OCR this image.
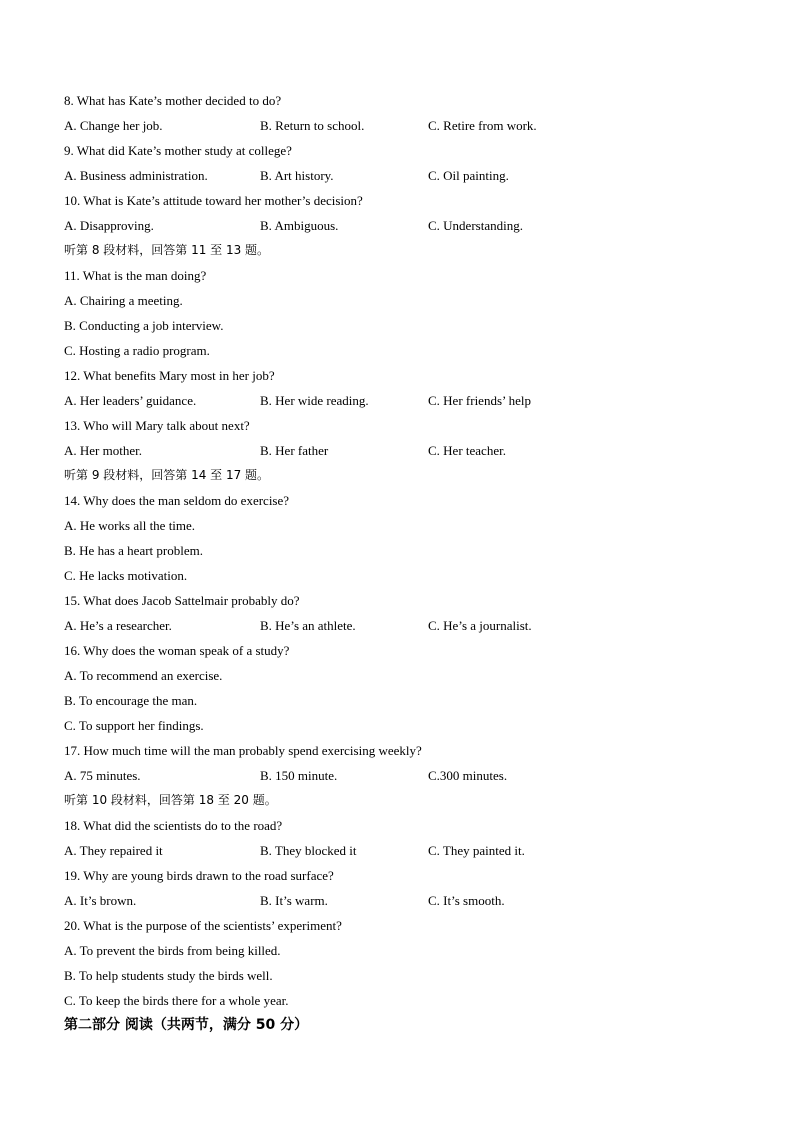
8. What has Kate’s mother decided to do?
A. Change her job.	B. Return to school.	C. Retire from work.
9. What did Kate’s mother study at college?
A. Business administration.	B. Art history.	C. Oil painting.
10. What is Kate’s attitude toward her mother’s decision?
A. Disapproving.	B. Ambiguous.	C. Understanding.
听第 8 段材料，回答第 11 至 13 题。
11. What is the man doing?
A. Chairing a meeting.
B. Conducting a job interview.
C. Hosting a radio program.
12. What benefits Mary most in her job?
A. Her leaders’ guidance.	B. Her wide reading.	C. Her friends’ help
13. Who will Mary talk about next?
A. Her mother.	B. Her father	C. Her teacher.
听第 9 段材料，回答第 14 至 17 题。
14. Why does the man seldom do exercise?
A. He works all the time.
B. He has a heart problem.
C. He lacks motivation.
15. What does Jacob Sattelmair probably do?
A. He’s a researcher.	B. He’s an athlete.	C. He’s a journalist.
16. Why does the woman speak of a study?
A. To recommend an exercise.
B. To encourage the man.
C. To support her findings.
17. How much time will the man probably spend exercising weekly?
A. 75 minutes.	B. 150 minute.	C.300 minutes.
听第 10 段材料，回答第 18 至 20 题。
18. What did the scientists do to the road?
A. They repaired it	B. They blocked it	C. They painted it.
19. Why are young birds drawn to the road surface?
A. It’s brown.	B. It’s warm.	C. It’s smooth.
20. What is the purpose of the scientists’ experiment?
A. To prevent the birds from being killed.
B. To help students study the birds well.
C. To keep the birds there for a whole year.
第二部分 阅读（共两节，满分 50 分）
